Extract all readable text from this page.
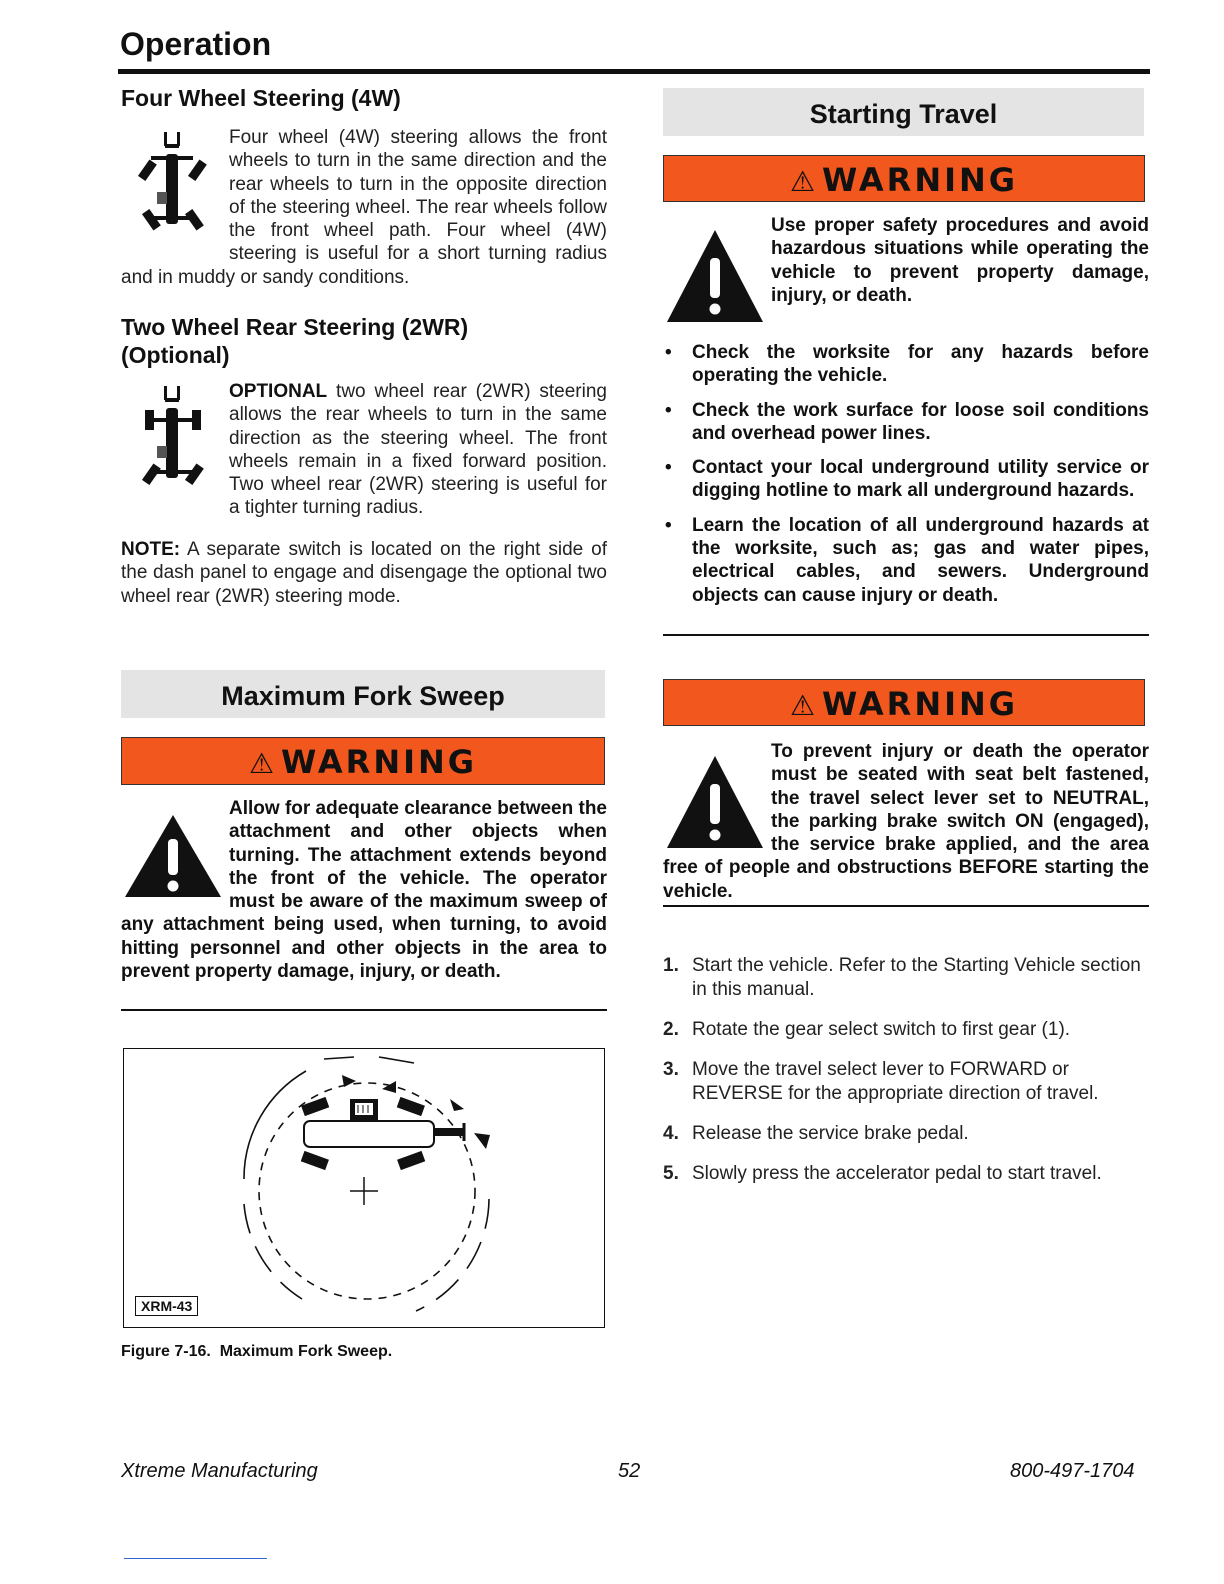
Operation
Four Wheel Steering (4W)
Four wheel (4W) steering allows the front wheels to turn in the same direction and the rear wheels to turn in the opposite direction of the steering wheel. The rear wheels follow the front wheel path. Four wheel (4W) steering is useful for a short turning radius and in muddy or sandy conditions.
Two Wheel Rear Steering (2WR)
(Optional)
OPTIONAL two wheel rear (2WR) steering allows the rear wheels to turn in the same direction as the steering wheel. The front wheels remain in a fixed forward position. Two wheel rear (2WR) steering is useful for a tighter turning radius.
NOTE: A separate switch is located on the right side of the dash panel to engage and disengage the optional two wheel rear (2WR) steering mode.
Maximum Fork Sweep
⚠ WARNING
Allow for adequate clearance between the attachment and other objects when turning. The attachment extends beyond the front of the vehicle. The operator must be aware of the maximum sweep of any attachment being used, when turning, to avoid hitting personnel and other objects in the area to prevent property damage, injury, or death.
XRM-43
Figure 7-16. Maximum Fork Sweep.
Starting Travel
⚠ WARNING
Use proper safety procedures and avoid hazardous situations while operating the vehicle to prevent property damage, injury, or death.
• Check the worksite for any hazards before operating the vehicle.
• Check the work surface for loose soil conditions and overhead power lines.
• Contact your local underground utility service or digging hotline to mark all underground hazards.
• Learn the location of all underground hazards at the worksite, such as; gas and water pipes, electrical cables, and sewers. Underground objects can cause injury or death.
⚠ WARNING
To prevent injury or death the operator must be seated with seat belt fastened, the travel select lever set to NEUTRAL, the parking brake switch ON (engaged), the service brake applied, and the area free of people and obstructions BEFORE starting the vehicle.
1. Start the vehicle. Refer to the Starting Vehicle section in this manual.
2. Rotate the gear select switch to first gear (1).
3. Move the travel select lever to FORWARD or REVERSE for the appropriate direction of travel.
4. Release the service brake pedal.
5. Slowly press the accelerator pedal to start travel.
Xtreme Manufacturing	52	800-497-1704
